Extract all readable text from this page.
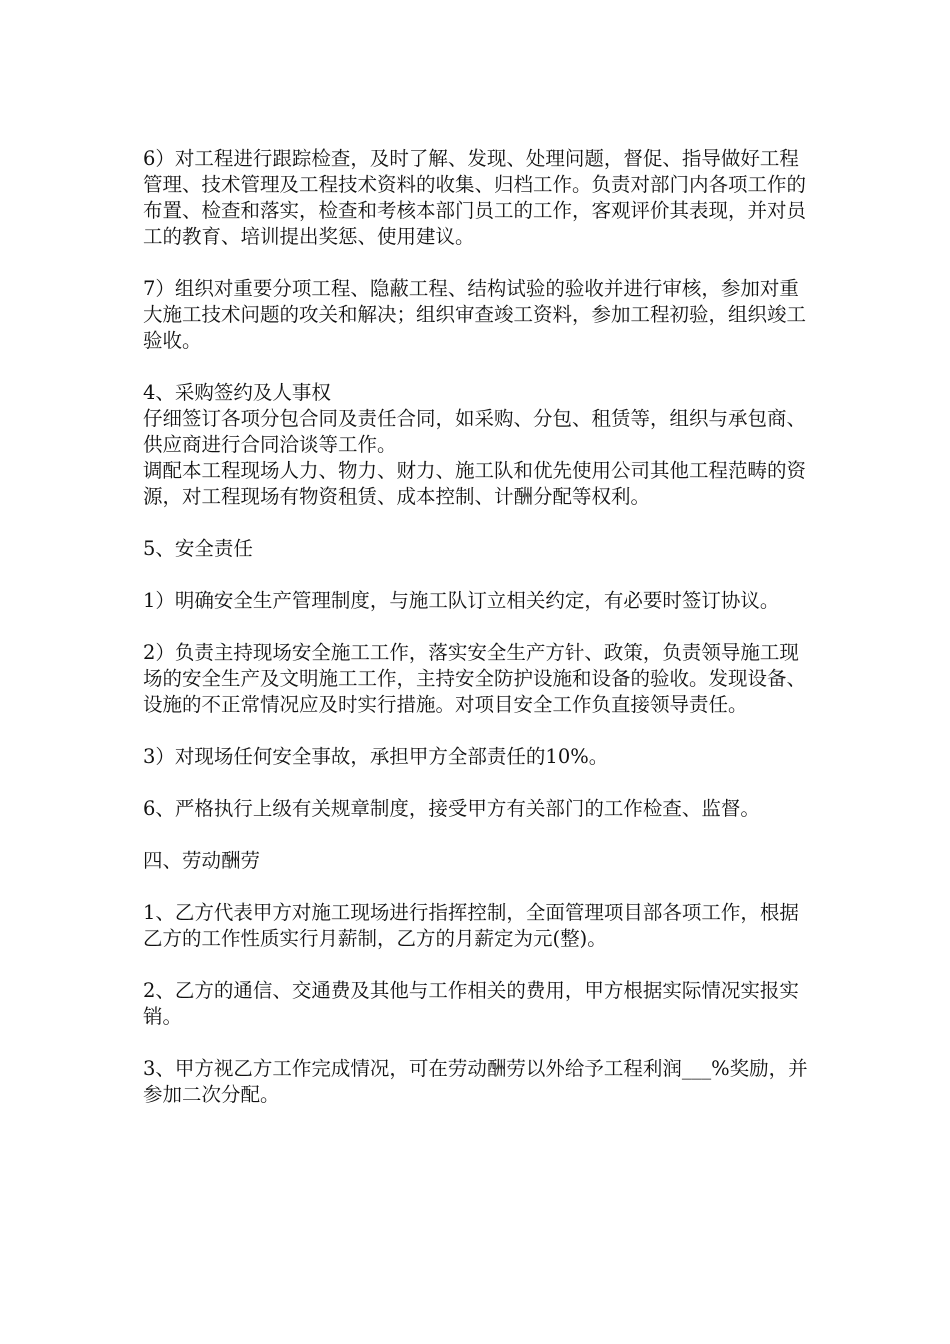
6）对工程进行跟踪检查，及时了解、发现、处理问题，督促、指导做好工程管理、技术管理及工程技术资料的收集、归档工作。负责对部门内各项工作的布置、检查和落实，检查和考核本部门员工的工作，客观评价其表现，并对员工的教育、培训提出奖惩、使用建议。

7）组织对重要分项工程、隐蔽工程、结构试验的验收并进行审核，参加对重大施工技术问题的攻关和解决；组织审查竣工资料，参加工程初验，组织竣工验收。

4、采购签约及人事权

仔细签订各项分包合同及责任合同，如采购、分包、租赁等，组织与承包商、供应商进行合同洽谈等工作。

调配本工程现场人力、物力、财力、施工队和优先使用公司其他工程范畴的资源，对工程现场有物资租赁、成本控制、计酬分配等权利。

5、安全责任

1）明确安全生产管理制度，与施工队订立相关约定，有必要时签订协议。

2）负责主持现场安全施工工作，落实安全生产方针、政策，负责领导施工现场的安全生产及文明施工工作，主持安全防护设施和设备的验收。发现设备、设施的不正常情况应及时实行措施。对项目安全工作负直接领导责任。

3）对现场任何安全事故，承担甲方全部责任的10%。

6、严格执行上级有关规章制度，接受甲方有关部门的工作检查、监督。

四、劳动酬劳

1、乙方代表甲方对施工现场进行指挥控制，全面管理项目部各项工作，根据乙方的工作性质实行月薪制，乙方的月薪定为元(整)。

2、乙方的通信、交通费及其他与工作相关的费用，甲方根据实际情况实报实销。

3、甲方视乙方工作完成情况，可在劳动酬劳以外给予工程利润___%奖励，并参加二次分配。
